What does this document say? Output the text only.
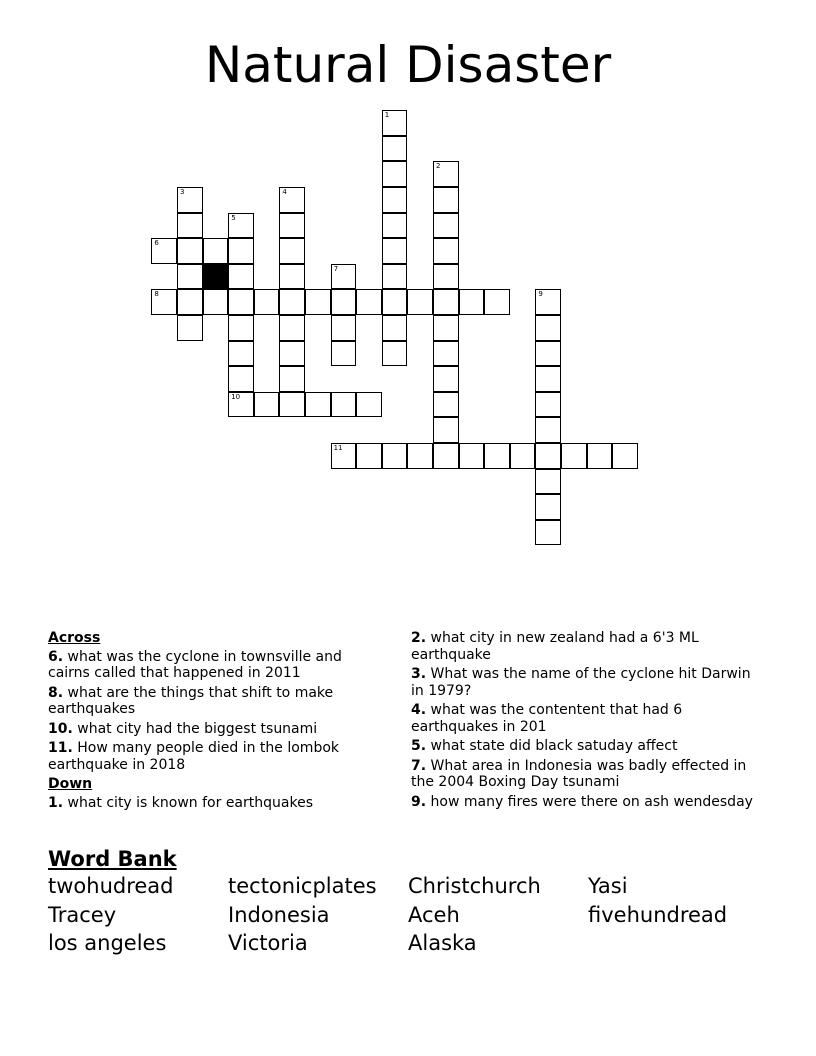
Natural Disaster
1
2
3	4
5
10
6
7
8	9
11
Across
6. what was the cyclone in townsville and cairns called that happened in 2011
8. what are the things that shift to make earthquakes
10. what city had the biggest tsunami
11. How many people died in the lombok earthquake in 2018
Down
1. what city is known for earthquakes
2. what city in new zealand had a 6'3 ML earthquake
3. What was the name of the cyclone hit Darwin in 1979?
4. what was the contentent that had 6 earthquakes in 201
5. what state did black satuday affect
7. What area in Indonesia was badly effected in the 2004 Boxing Day tsunami
9. how many fires were there on ash wendesday
Word Bank
twohudread	tectonicplates	Christchurch	Yasi
Tracey	Indonesia	Aceh	fivehundread
los angeles	Victoria	Alaska
